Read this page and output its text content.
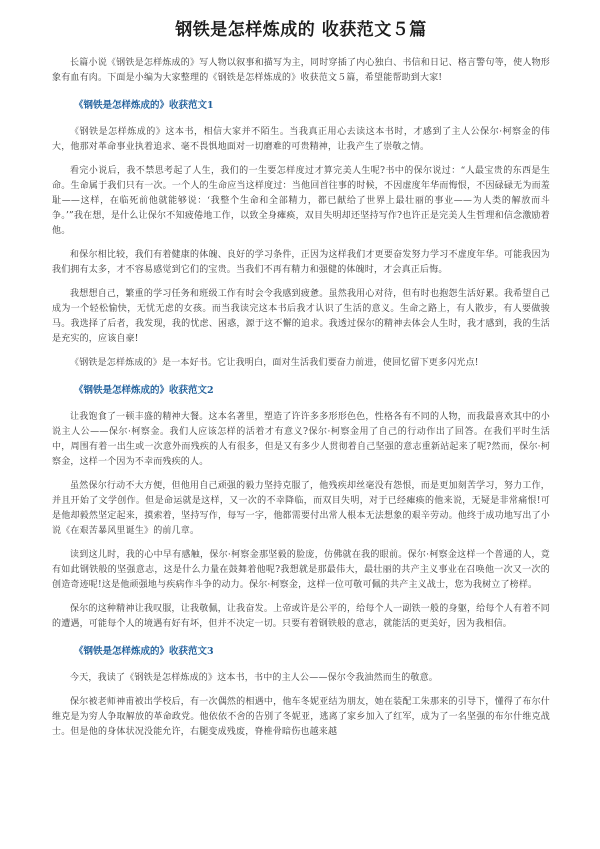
钢铁是怎样炼成的 收获范文５篇

长篇小说《钢铁是怎样炼成的》写人物以叙事和描写为主，同时穿插了内心独白、书信和日记、格言警句等，使人物形象有血有肉。下面是小编为大家整理的《钢铁是怎样炼成的》收获范文５篇，希望能帮助到大家!

《钢铁是怎样炼成的》收获范文1

《钢铁是怎样炼成的》这本书，相信大家并不陌生。当我真正用心去读这本书时，才感到了主人公保尔·柯察金的伟大，他那对革命事业执着追求、毫不畏惧地面对一切磨难的可贵精神，让我产生了崇敬之情。

看完小说后，我不禁思考起了人生，我们的一生要怎样度过才算完美人生呢?书中的保尔说过：“人最宝贵的东西是生命。生命属于我们只有一次。一个人的生命应当这样度过：当他回首往事的时候，不因虚度年华而悔恨，不因碌碌无为而羞耻——这样，在临死前他就能够说：‘我整个生命和全部精力，都已献给了世界上最壮丽的事业——为人类的解放而斗争。’”我在想，是什么让保尔不知疲倦地工作，以致全身瘫痪，双目失明却还坚持写作?也许正是完美人生哲理和信念激励着他。

和保尔相比较，我们有着健康的体魄、良好的学习条件，正因为这样我们才更要奋发努力学习不虚度年华。可能我因为我们拥有太多，才不容易感觉到它们的宝贵。当我们不再有精力和强健的体魄时，才会真正后悔。

我想想自己，繁重的学习任务和班级工作有时会令我感到疲惫。虽然我用心对待，但有时也抱怨生活好累。我希望自己成为一个轻松愉快，无忧无虑的女孩。而当我读完这本书后我才认识了生活的意义。生命之路上，有人散步，有人要做骏马。我选择了后者，我发现，我的忧虑、困惑，源于这不懈的追求。我透过保尔的精神去体会人生时，我才感到，我的生活是充实的，应该自豪!

《钢铁是怎样炼成的》是一本好书。它让我明白，面对生活我们要奋力前进，使回忆留下更多闪光点!

《钢铁是怎样炼成的》收获范文2

让我饱食了一顿丰盛的精神大餐。这本名著里，塑造了许许多多形形色色，性格各有不同的人物，而我最喜欢其中的小说主人公——保尔·柯察金。我们人应该怎样的活着才有意义?保尔·柯察金用了自己的行动作出了回答。在我们平时生活中，周围有着一出生或一次意外而残疾的人有很多，但是又有多少人贯彻着自己坚强的意志重新站起来了呢?然而，保尔·柯察金，这样一个因为不幸而残疾的人。

虽然保尔行动不大方便，但他用自己顽强的毅力坚持克服了，他残疾却丝毫没有怨恨，而是更加刻苦学习，努力工作，并且开始了文学创作。但是命运就是这样，又一次的不幸降临，而双目失明，对于已经瘫痪的他来说，无疑是非常痛恨!可是他却毅然坚定起来，摸索着，坚持写作，每写一字，他都需要付出常人根本无法想象的艰辛劳动。他终于成功地写出了小说《在艰苦暴风里诞生》的前几章。

读到这儿时，我的心中早有感触，保尔·柯察金那坚毅的脸庞，仿佛就在我的眼前。保尔·柯察金这样一个普通的人，竟有如此钢铁般的坚强意志，这是什么力量在鼓舞着他呢?我想就是那最伟大，最壮丽的共产主义事业在召唤他一次又一次的创造奇迹呢!这是他顽强地与疾病作斗争的动力。保尔·柯察金，这样一位可敬可佩的共产主义战士，您为我树立了榜样。

保尔的这种精神让我叹服，让我敬佩，让我奋发。上帝或许是公平的，给每个人一副铁一般的身躯，给每个人有着不同的遭遇，可能每个人的境遇有好有坏，但并不决定一切。只要有着钢铁般的意志，就能活的更美好，因为我相信。

《钢铁是怎样炼成的》收获范文3

今天，我读了《钢铁是怎样炼成的》这本书，书中的主人公——保尔令我油然而生的敬意。

保尔被老师神甫被出学校后，有一次偶然的相遇中，他车冬妮亚结为朋友，她在装配工朱那来的引导下，懂得了布尔什维克是为穷人争取解放的革命政党。他依依不舍的告别了冬妮亚，逃离了家乡加入了红军，成为了一名坚强的布尔什维克战士。但是他的身体状况没能允许，右腿变成残废，脊椎骨暗伤也越来越
